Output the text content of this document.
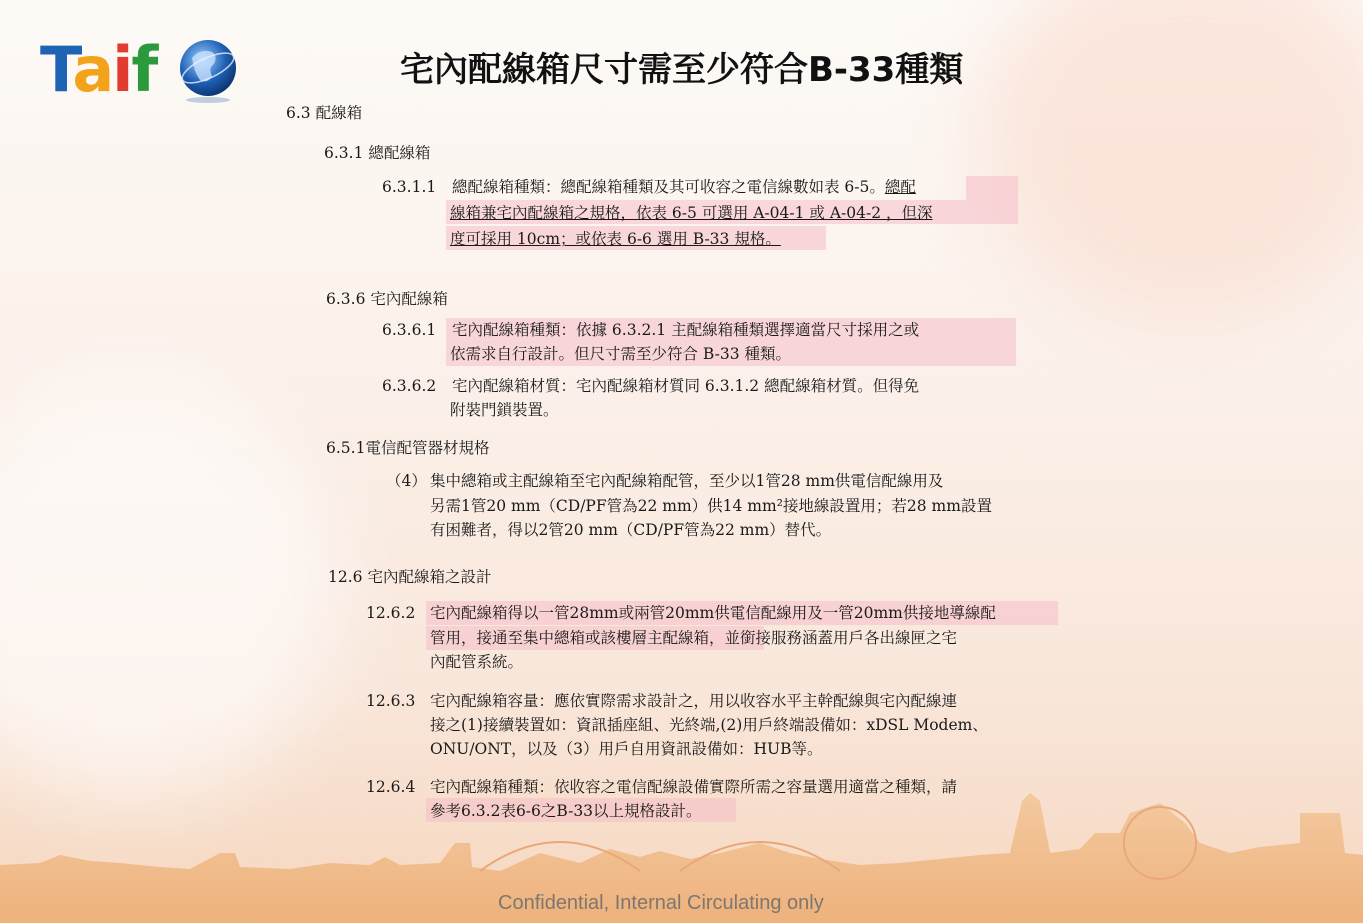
Taif	宅內配線箱尺寸需至少符合B-33種類
6.3 配線箱
6.3.1 總配線箱
6.3.1.1 總配線箱種類：總配線箱種類及其可收容之電信線數如表 6-5。總配
線箱兼宅內配線箱之規格，依表 6-5 可選用 A-04-1 或 A-04-2 ，但深
度可採用 10cm；或依表 6-6 選用 B-33 規格。
6.3.6 宅內配線箱
6.3.6.1 宅內配線箱種類：依據 6.3.2.1 主配線箱種類選擇適當尺寸採用之或
依需求自行設計。但尺寸需至少符合 B-33 種類。
6.3.6.2 宅內配線箱材質：宅內配線箱材質同 6.3.1.2 總配線箱材質。但得免
附裝門鎖裝置。
6.5.1電信配管器材規格
（4） 集中總箱或主配線箱至宅內配線箱配管，至少以1管28 mm供電信配線用及
另需1管20 mm（CD/PF管為22 mm）供14 mm²接地線設置用；若28 mm設置
有困難者，得以2管20 mm（CD/PF管為22 mm）替代。
12.6 宅內配線箱之設計
12.6.2 宅內配線箱得以一管28mm或兩管20mm供電信配線用及一管20mm供接地導線配
管用，接通至集中總箱或該樓層主配線箱，並銜接服務涵蓋用戶各出線匣之宅
內配管系統。
12.6.3 宅內配線箱容量：應依實際需求設計之，用以收容水平主幹配線與宅內配線連
接之(1)接續裝置如：資訊插座組、光終端,(2)用戶終端設備如：xDSL Modem、
ONU/ONT，以及（3）用戶自用資訊設備如：HUB等。
12.6.4 宅內配線箱種類：依收容之電信配線設備實際所需之容量選用適當之種類，請
參考6.3.2表6-6之B-33以上規格設計。
Confidential, Internal Circulating only
